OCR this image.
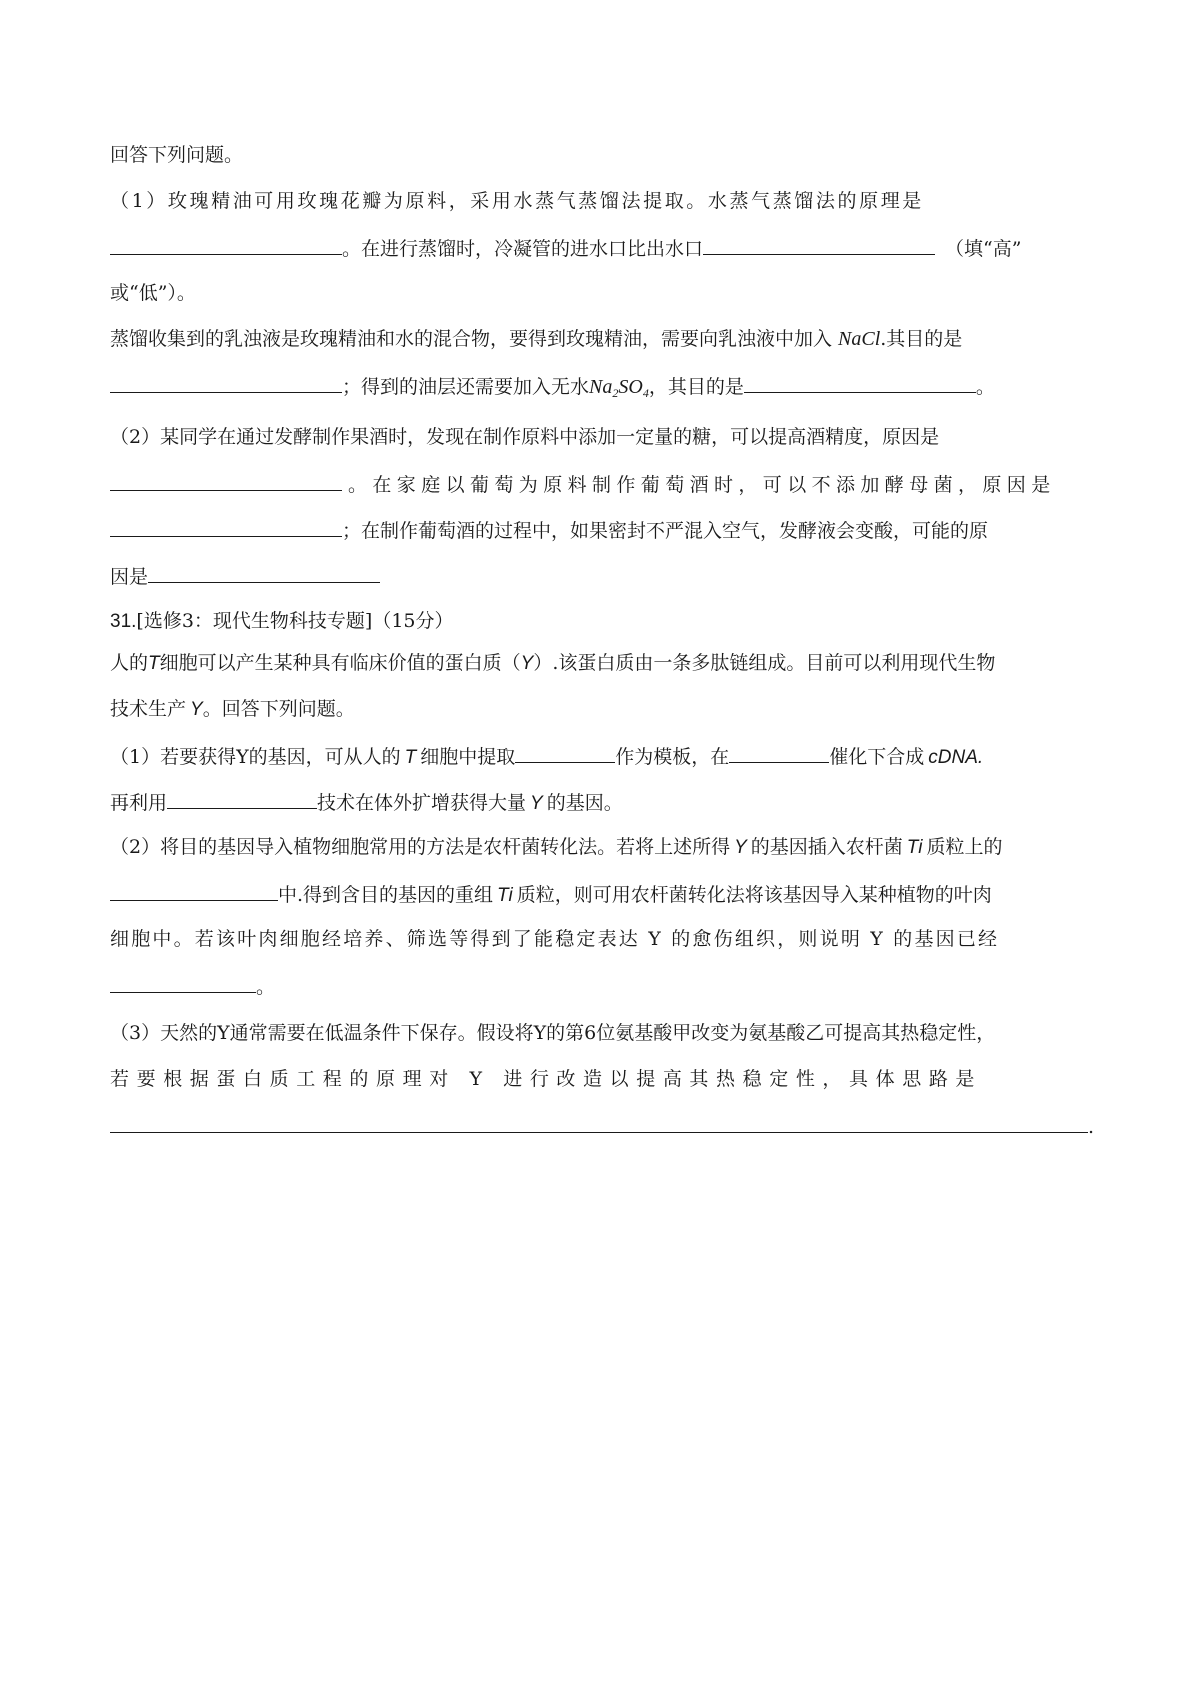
回答下列问题。
（1）玫瑰精油可用玫瑰花瓣为原料，采用水蒸气蒸馏法提取。水蒸气蒸馏法的原理是
。在进行蒸馏时，冷凝管的进水口比出水口	（填“高”
或“低”）。
蒸馏收集到的乳浊液是玫瑰精油和水的混合物，要得到玫瑰精油，需要向乳浊液中加入 NaCl.其目的是
；得到的油层还需要加入无水$Na_2SO_4$，其目的是	。
（2）某同学在通过发酵制作果酒时，发现在制作原料中添加一定量的糖，可以提高酒精度，原因是
。在家庭以葡萄为原料制作葡萄酒时，可以不添加酵母菌，原因是
；在制作葡萄酒的过程中，如果密封不严混入空气，发酵液会变酸，可能的原
因是
31.[选修3：现代生物科技专题]（15分）
人的T细胞可以产生某种具有临床价值的蛋白质（Y）.该蛋白质由一条多肽链组成。目前可以利用现代生物
技术生产 Y。回答下列问题。
（1）若要获得Y的基因，可从人的 T 细胞中提取	作为模板，在	催化下合成 cDNA.
再利用	技术在体外扩增获得大量 Y 的基因。
（2）将目的基因导入植物细胞常用的方法是农杆菌转化法。若将上述所得 Y 的基因插入农杆菌 Ti 质粒上的
中.得到含目的基因的重组 Ti 质粒，则可用农杆菌转化法将该基因导入某种植物的叶肉
细胞中。若该叶肉细胞经培养、筛选等得到了能稳定表达 Y 的愈伤组织，则说明 Y 的基因已经
。
（3）天然的Y通常需要在低温条件下保存。假设将Y的第6位氨基酸甲改变为氨基酸乙可提高其热稳定性，
若要根据蛋白质工程的原理对 Y 进行改造以提高其热稳定性，具体思路是
.
